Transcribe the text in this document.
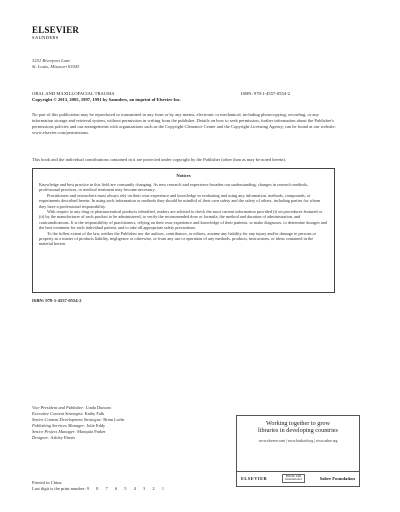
ELSEVIER
SAUNDERS
3251 Riverport Lane
St. Louis, Missouri 63043
ORAL AND MAXILLOFACIAL TRAUMA	ISBN: 978-1-4557-0554-2
Copyright © 2013, 2005, 1997, 1991 by Saunders, an imprint of Elsevier Inc.
No part of this publication may be reproduced or transmitted in any form or by any means, electronic or mechanical, including photocopying, recording, or any information storage and retrieval system, without permission in writing from the publisher. Details on how to seek permission, further information about the Publisher's permissions policies and our arrangements with organizations such as the Copyright Clearance Center and the Copyright Licensing Agency, can be found at our website: www.elsevier.com/permissions.
This book and the individual contributions contained in it are protected under copyright by the Publisher (other than as may be noted herein).
Notices

Knowledge and best practice in this field are constantly changing. As new research and experience broaden our understanding, changes in research methods, professional practices, or medical treatment may become necessary.

Practitioners and researchers must always rely on their own experience and knowledge in evaluating and using any information, methods, compounds, or experiments described herein. In using such information or methods they should be mindful of their own safety and the safety of others, including parties for whom they have a professional responsibility.

With respect to any drug or pharmaceutical products identified, readers are advised to check the most current information provided (i) on procedures featured or (ii) by the manufacturer of each product to be administered, to verify the recommended dose or formula, the method and duration of administration, and contraindications. It is the responsibility of practitioners, relying on their own experience and knowledge of their patients, to make diagnoses, to determine dosages and the best treatment for each individual patient, and to take all appropriate safety precautions.

To the fullest extent of the law, neither the Publisher nor the authors, contributors, or editors, assume any liability for any injury and/or damage to persons or property as a matter of products liability, negligence or otherwise, or from any use or operation of any methods, products, instructions, or ideas contained in the material herein.

ISBN: 978-1-4557-0554-2
Vice President and Publisher: Linda Duncan
Executive Content Strategist: Kathy Falk
Senior Content Development Strategist: Brian Loehr
Publishing Services Manager: Julie Eddy
Senior Project Manager: Marquita Parker
Designer: Ashley Eberts
Working together to grow
libraries in developing countries
www.elsevier.com | www.bookaid.org | www.sabre.org
ELSEVIER	BOOK AID
International	Sabre Foundation
Printed in China
Last digit is the print number: 9 8 7 6 5 4 3 2 1
